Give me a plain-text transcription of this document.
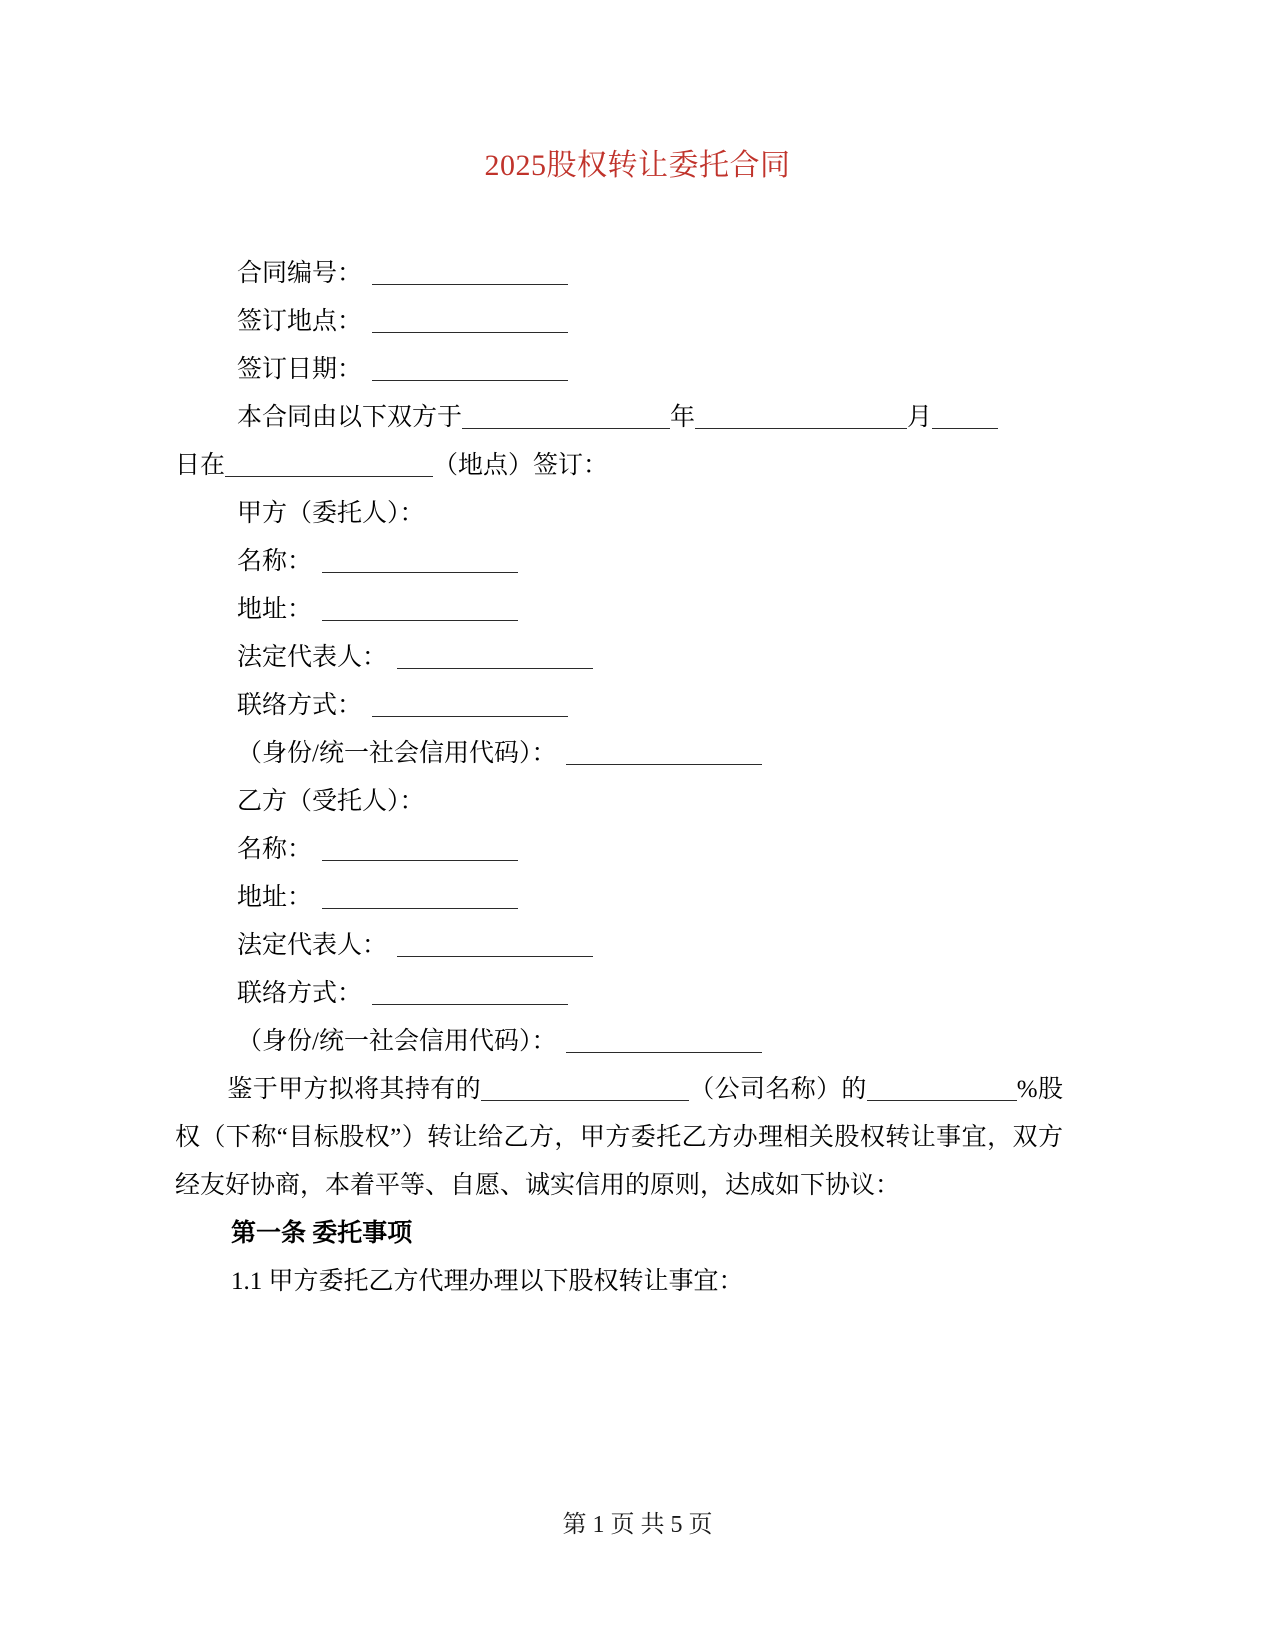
2025股权转让委托合同
合同编号：
签订地点：
签订日期：
本合同由以下双方于	年	月
日在	（地点）签订：
甲方（委托人）：
名称：
地址：
法定代表人：
联络方式：
（身份/统一社会信用代码）：
乙方（受托人）：
名称：
地址：
法定代表人：
联络方式：
（身份/统一社会信用代码）：
鉴于甲方拟将其持有的	（公司名称）的	%股权（下称“目标股权”）转让给乙方，甲方委托乙方办理相关股权转让事宜，双方经友好协商，本着平等、自愿、诚实信用的原则，达成如下协议：
第一条 委托事项
1.1 甲方委托乙方代理办理以下股权转让事宜：
第 1 页 共 5 页
